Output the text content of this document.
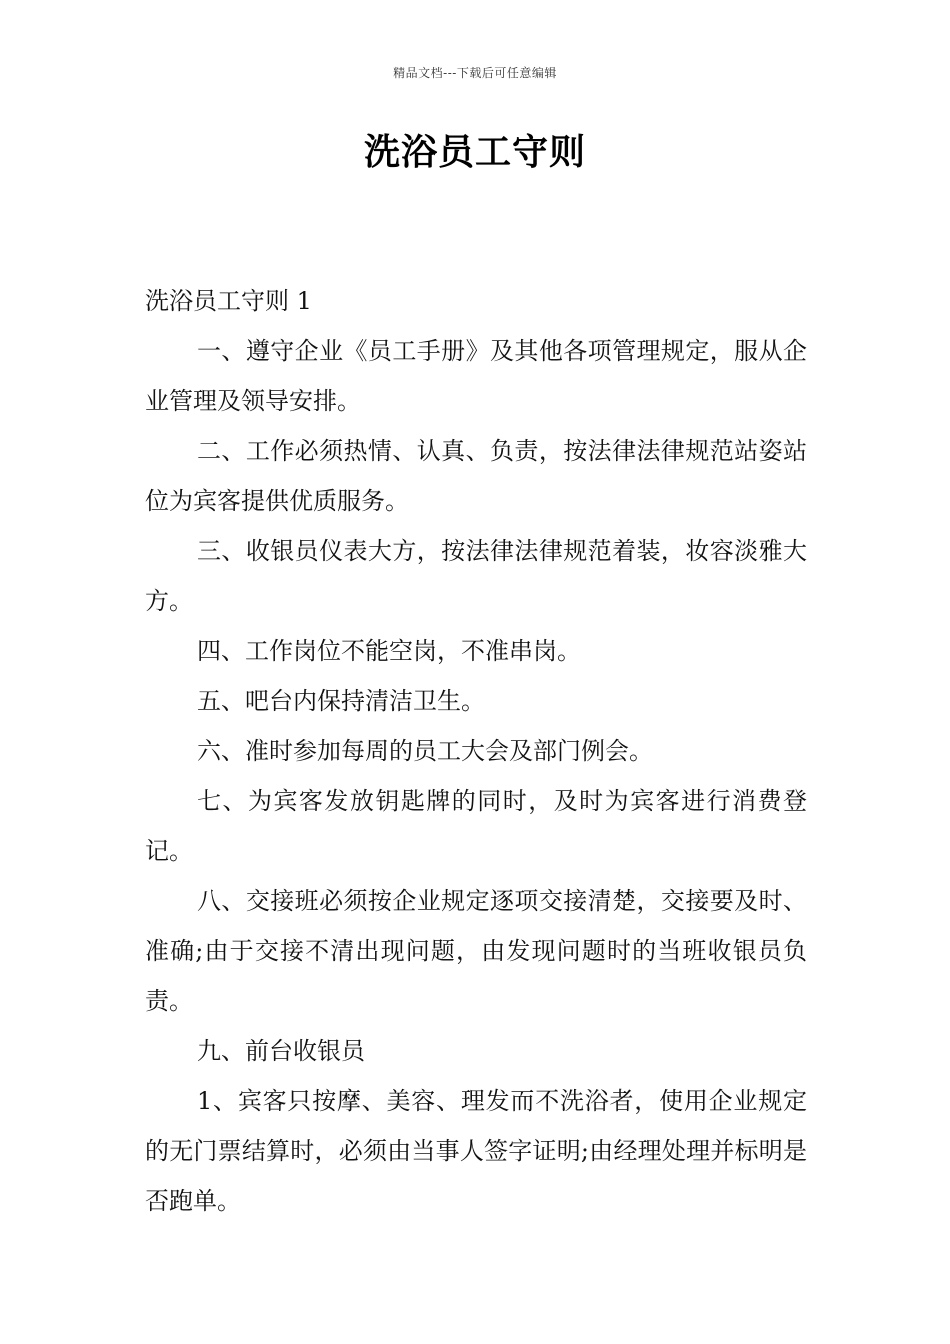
精品文档---下载后可任意编辑
洗浴员工守则

洗浴员工守则 1

一、遵守企业《员工手册》及其他各项管理规定，服从企业管理及领导安排。

二、工作必须热情、认真、负责，按法律法律规范站姿站位为宾客提供优质服务。

三、收银员仪表大方，按法律法律规范着装，妆容淡雅大方。

四、工作岗位不能空岗，不准串岗。

五、吧台内保持清洁卫生。

六、准时参加每周的员工大会及部门例会。

七、为宾客发放钥匙牌的同时，及时为宾客进行消费登记。

八、交接班必须按企业规定逐项交接清楚，交接要及时、准确;由于交接不清出现问题，由发现问题时的当班收银员负责。

九、前台收银员

1、宾客只按摩、美容、理发而不洗浴者，使用企业规定的无门票结算时，必须由当事人签字证明;由经理处理并标明是否跑单。
